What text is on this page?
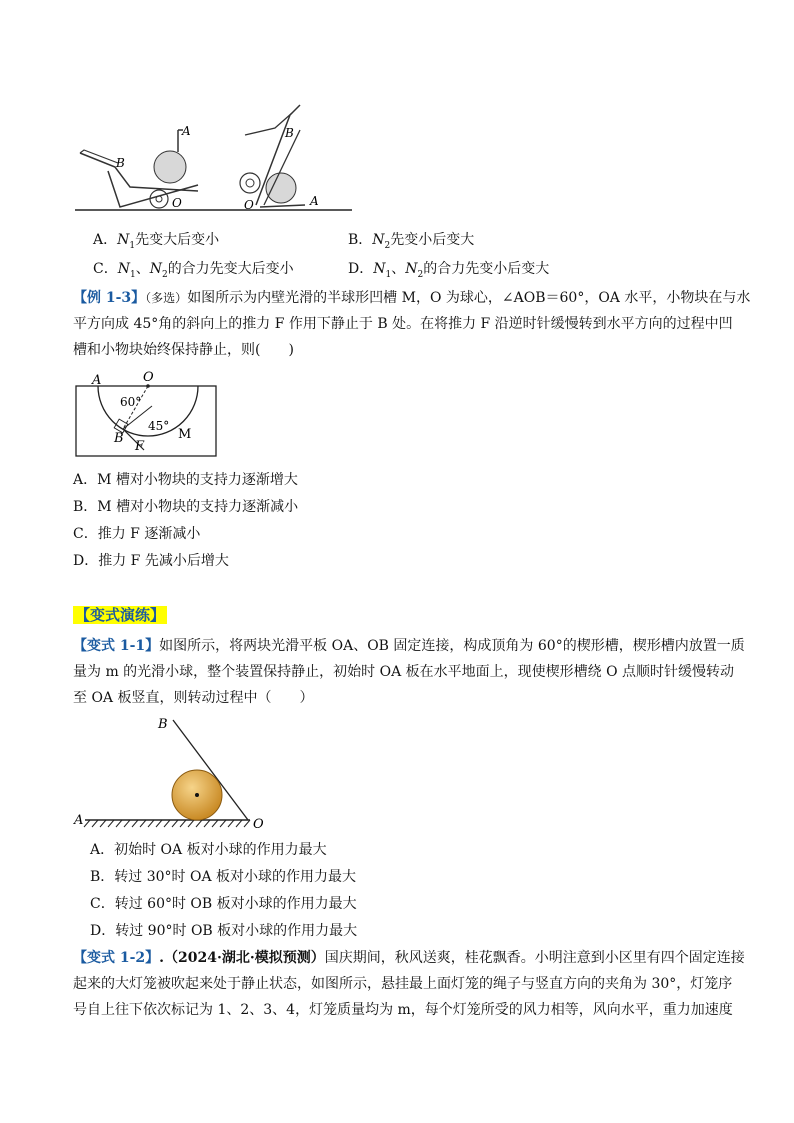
A
B
O
B
O	A
A．$N_1$先变大后变小	B．$N_2$先变小后变大
C．$N_1$、$N_2$的合力先变大后变小	D．$N_1$、$N_2$的合力先变小后变大
【例 1-3】（多选）如图所示为内壁光滑的半球形凹槽 M，O 为球心，∠AOB＝60°，OA 水平，小物块在与水
平方向成 45°角的斜向上的推力 F 作用下静止于 B 处。在将推力 F 沿逆时针缓慢转到水平方向的过程中凹
槽和小物块始终保持静止，则(　　)
A	O
60°
45°
B
F
M
A．M 槽对小物块的支持力逐渐增大
B．M 槽对小物块的支持力逐渐减小
C．推力 F 逐渐减小
D．推力 F 先减小后增大
【变式演练】
【变式 1-1】如图所示，将两块光滑平板 OA、OB 固定连接，构成顶角为 60°的楔形槽，楔形槽内放置一质
量为 m 的光滑小球，整个装置保持静止，初始时 OA 板在水平地面上，现使楔形槽绕 O 点顺时针缓慢转动
至 OA 板竖直，则转动过程中（　　）
A
B
O
A．初始时 OA 板对小球的作用力最大
B．转过 30°时 OA 板对小球的作用力最大
C．转过 60°时 OB 板对小球的作用力最大
D．转过 90°时 OB 板对小球的作用力最大
【变式 1-2】.（2024·湖北·模拟预测）国庆期间，秋风送爽，桂花飘香。小明注意到小区里有四个固定连接
起来的大灯笼被吹起来处于静止状态，如图所示，悬挂最上面灯笼的绳子与竖直方向的夹角为 30°，灯笼序
号自上往下依次标记为 1、2、3、4，灯笼质量均为 m，每个灯笼所受的风力相等，风向水平，重力加速度
